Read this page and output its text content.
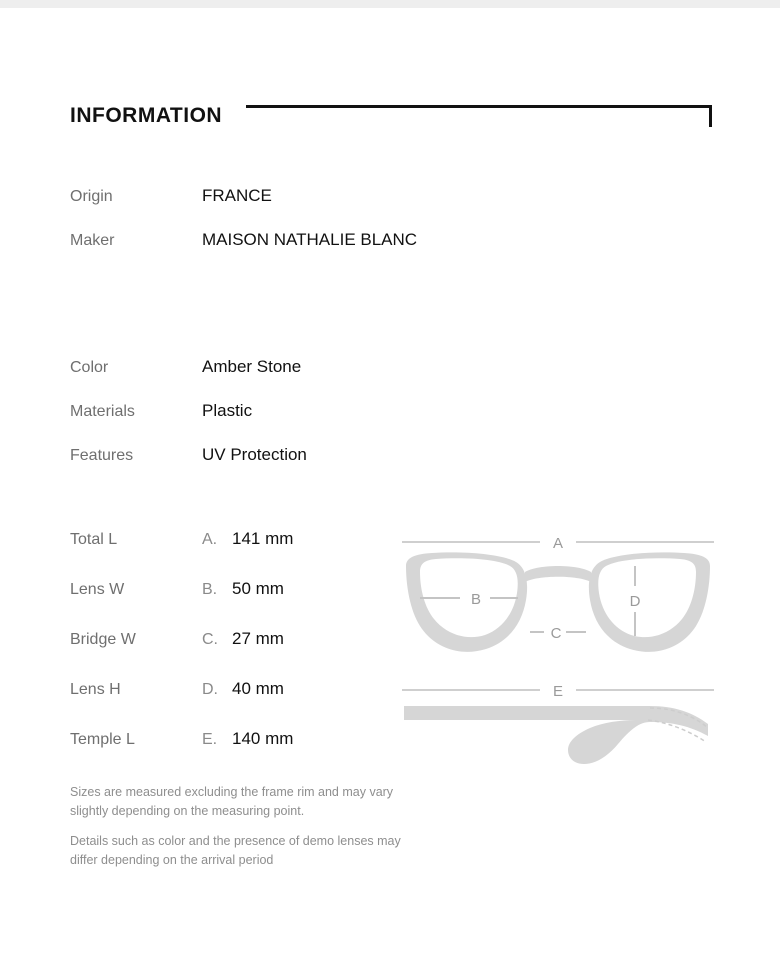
INFORMATION
Origin	FRANCE
Maker	MAISON NATHALIE BLANC
Color	Amber Stone
Materials	Plastic
Features	UV Protection
Total L	A. 141 mm
Lens W	B. 50 mm
Bridge W	C. 27 mm
Lens H	D. 40 mm
Temple L	E. 140 mm

Sizes are measured excluding the frame rim and may vary slightly depending on the measuring point.

Details such as color and the presence of demo lenses may differ depending on the arrival period

A
B
C
D
E
